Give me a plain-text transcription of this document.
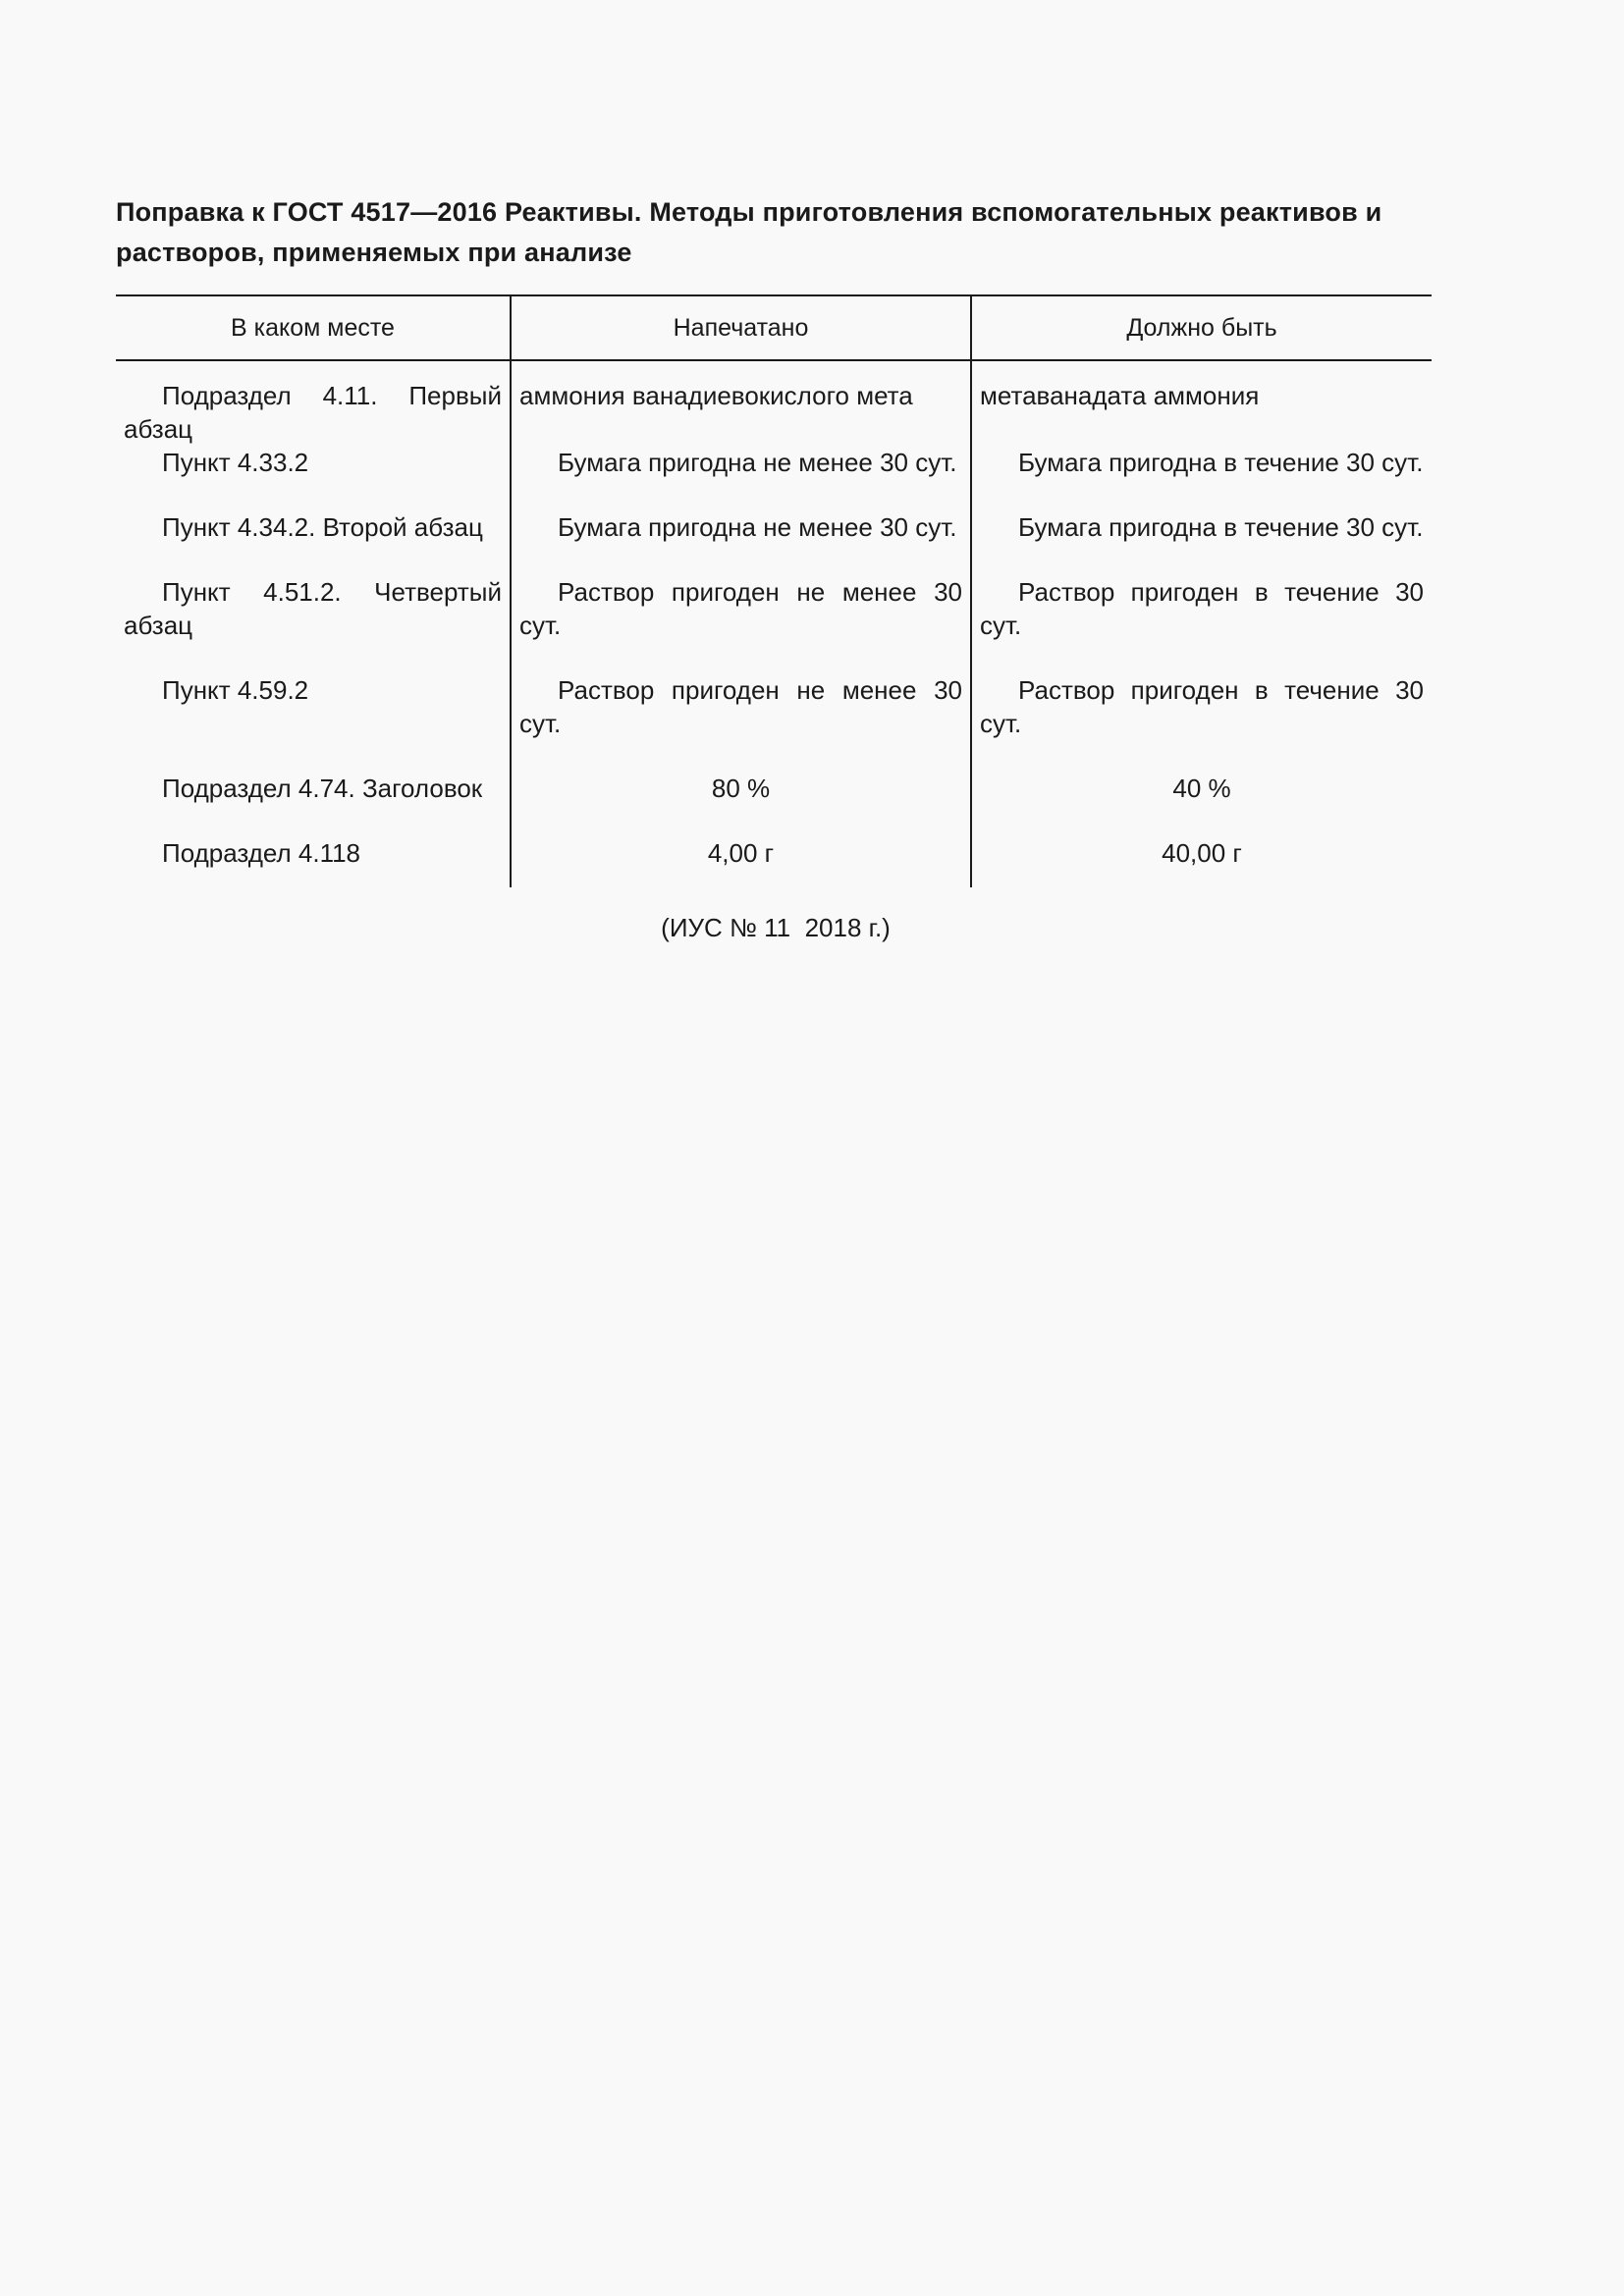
Поправка к ГОСТ 4517—2016 Реактивы. Методы приготовления вспомогательных реактивов и растворов, применяемых при анализе
В каком месте	Напечатано	Должно быть
Подраздел 4.11. Первый абзац	аммония ванадиевокислого мета	метаванадата аммония
Пункт 4.33.2	Бумага пригодна не менее 30 сут.	Бумага пригодна в течение 30 сут.
Пункт 4.34.2. Второй абзац	Бумага пригодна не менее 30 сут.	Бумага пригодна в течение 30 сут.
Пункт 4.51.2. Четвертый абзац	Раствор пригоден не менее 30 сут.	Раствор пригоден в течение 30 сут.
Пункт 4.59.2	Раствор пригоден не менее 30 сут.	Раствор пригоден в течение 30 сут.
Подраздел 4.74. Заголовок	80 %	40 %
Подраздел 4.118	4,00 г	40,00 г
(ИУС № 11  2018 г.)
